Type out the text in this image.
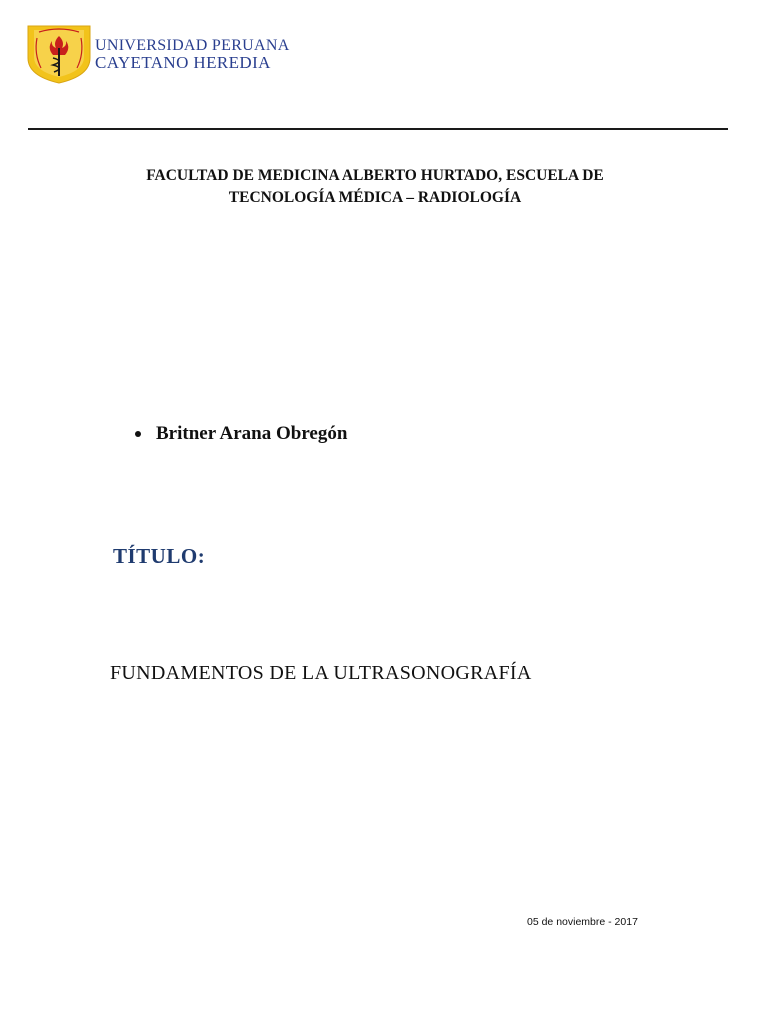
UNIVERSIDAD PERUANA
CAYETANO HEREDIA
FACULTAD DE MEDICINA ALBERTO HURTADO, ESCUELA DE
TECNOLOGÍA MÉDICA – RADIOLOGÍA
Britner Arana Obregón
TÍTULO:
FUNDAMENTOS DE LA ULTRASONOGRAFÍA
05 de noviembre - 2017
